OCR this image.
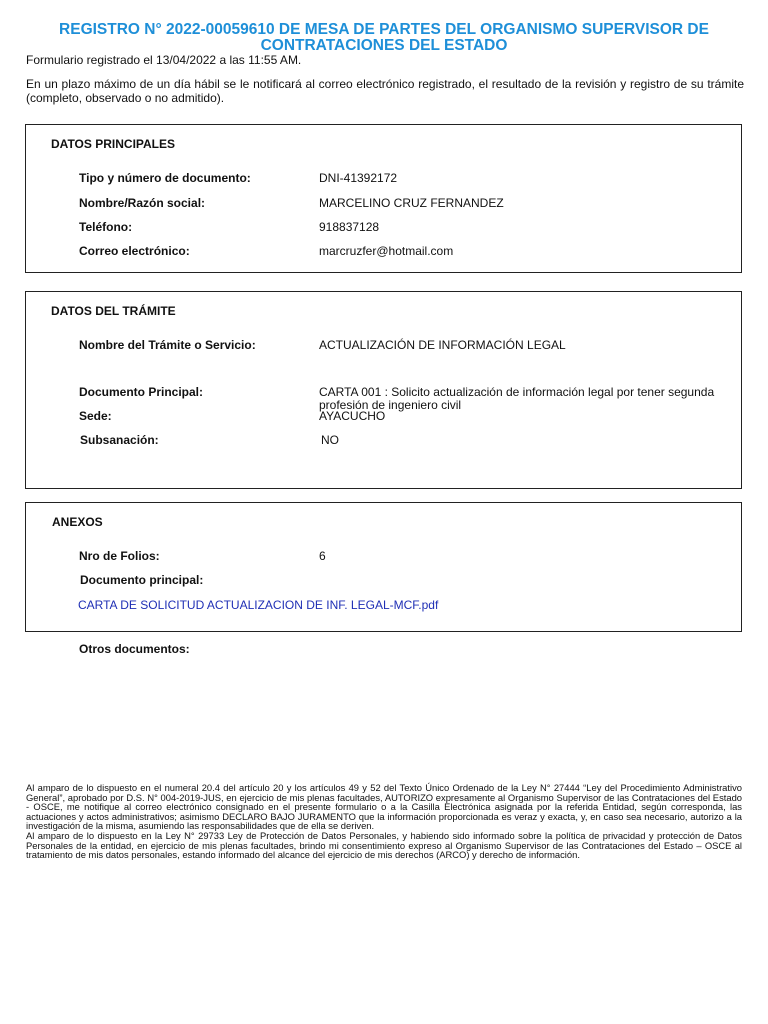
REGISTRO N° 2022-00059610 DE MESA DE PARTES DEL ORGANISMO SUPERVISOR DE CONTRATACIONES DEL ESTADO
Formulario registrado el 13/04/2022 a las 11:55 AM.
En un plazo máximo de un día hábil se le notificará al correo electrónico registrado, el resultado de la revisión y registro de su trámite (completo, observado o no admitido).
DATOS PRINCIPALES
Tipo y número de documento:	DNI-41392172
Nombre/Razón social:	MARCELINO CRUZ FERNANDEZ
Teléfono:	918837128
Correo electrónico:	marcruzfer@hotmail.com
DATOS DEL TRÁMITE
Nombre del Trámite o Servicio:	ACTUALIZACIÓN DE INFORMACIÓN LEGAL
Documento Principal:	CARTA 001 : Solicito actualización de información legal por tener segunda profesión de ingeniero civil
Sede:	AYACUCHO
Subsanación:	NO
ANEXOS
Nro de Folios:	6
Documento principal:
CARTA DE SOLICITUD ACTUALIZACION DE INF. LEGAL-MCF.pdf
Otros documentos:

Al amparo de lo dispuesto en el numeral 20.4 del artículo 20 y los artículos 49 y 52 del Texto Único Ordenado de la Ley N° 27444 “Ley del Procedimiento Administrativo General”, aprobado por D.S. N° 004-2019-JUS, en ejercicio de mis plenas facultades, AUTORIZO expresamente al Organismo Supervisor de las Contrataciones del Estado - OSCE, me notifique al correo electrónico consignado en el presente formulario o a la Casilla Electrónica asignada por la referida Entidad, según corresponda, las actuaciones y actos administrativos; asimismo DECLARO BAJO JURAMENTO que la información proporcionada es veraz y exacta, y, en caso sea necesario, autorizo a la investigación de la misma, asumiendo las responsabilidades que de ella se deriven.

Al amparo de lo dispuesto en la Ley N° 29733 Ley de Protección de Datos Personales, y habiendo sido informado sobre la política de privacidad y protección de Datos Personales de la entidad, en ejercicio de mis plenas facultades, brindo mi consentimiento expreso al Organismo Supervisor de las Contrataciones del Estado – OSCE al tratamiento de mis datos personales, estando informado del alcance del ejercicio de mis derechos (ARCO) y derecho de información.
